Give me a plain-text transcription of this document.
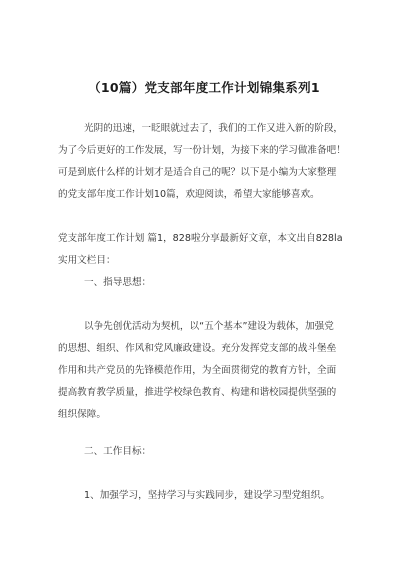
（10篇）党支部年度工作计划锦集系列1

光阴的迅速，一眨眼就过去了，我们的工作又进入新的阶段，
为了今后更好的工作发展，写一份计划，为接下来的学习做准备吧！
可是到底什么样的计划才是适合自己的呢？以下是小编为大家整理
的党支部年度工作计划10篇，欢迎阅读，希望大家能够喜欢。

党支部年度工作计划 篇1，828啦分享最新好文章，本文出自828la
实用文栏目：

一、指导思想：

以争先创优活动为契机，以“五个基本”建设为载体，加强党
的思想、组织、作风和党风廉政建设。充分发挥党支部的战斗堡垒
作用和共产党员的先锋模范作用，为全面贯彻党的教育方针，全面
提高教育教学质量，推进学校绿色教育、构建和谐校园提供坚强的
组织保障。

二、工作目标：

1、加强学习，坚持学习与实践同步，建设学习型党组织。
